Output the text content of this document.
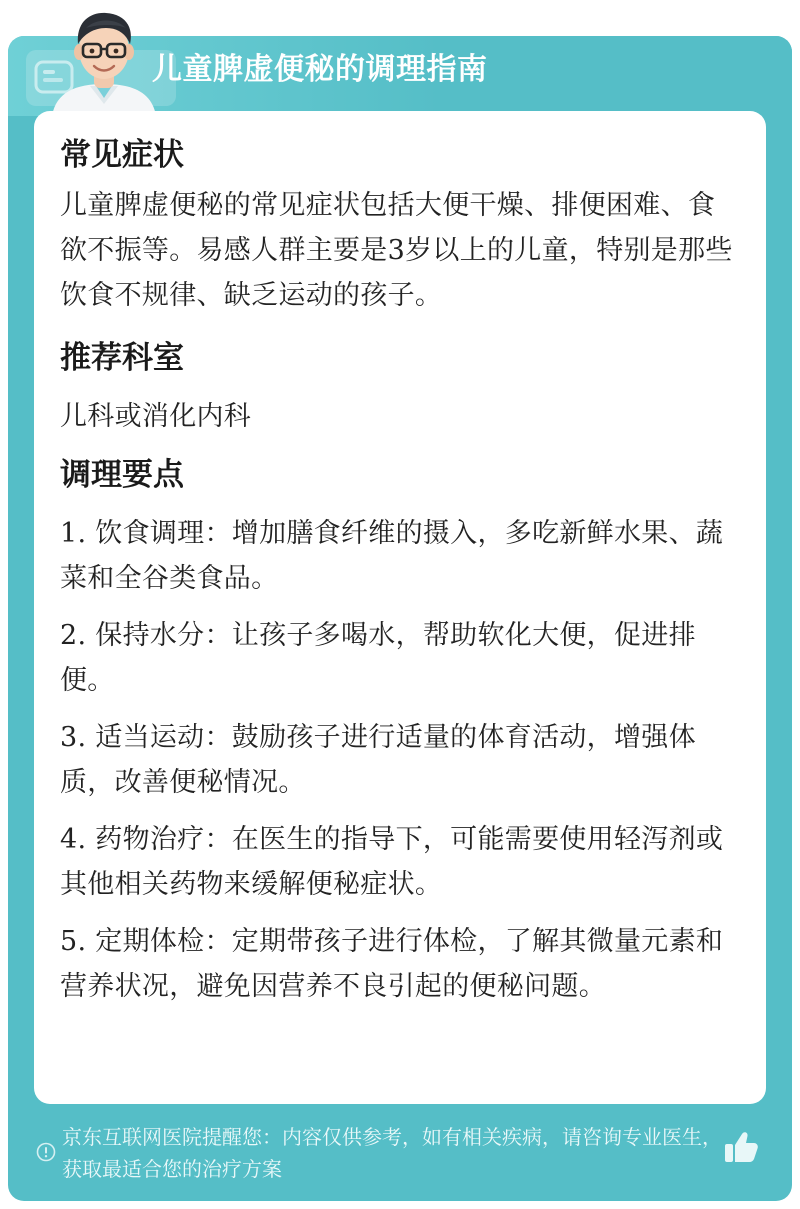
儿童脾虚便秘的调理指南
常见症状

儿童脾虚便秘的常见症状包括大便干燥、排便困难、食欲不振等。易感人群主要是3岁以上的儿童，特别是那些饮食不规律、缺乏运动的孩子。

推荐科室

儿科或消化内科

调理要点

1. 饮食调理：增加膳食纤维的摄入，多吃新鲜水果、蔬菜和全谷类食品。

2. 保持水分：让孩子多喝水，帮助软化大便，促进排便。

3. 适当运动：鼓励孩子进行适量的体育活动，增强体质，改善便秘情况。

4. 药物治疗：在医生的指导下，可能需要使用轻泻剂或其他相关药物来缓解便秘症状。

5. 定期体检：定期带孩子进行体检，了解其微量元素和营养状况，避免因营养不良引起的便秘问题。

京东互联网医院提醒您：内容仅供参考，如有相关疾病，请咨询专业医生，获取最适合您的治疗方案
